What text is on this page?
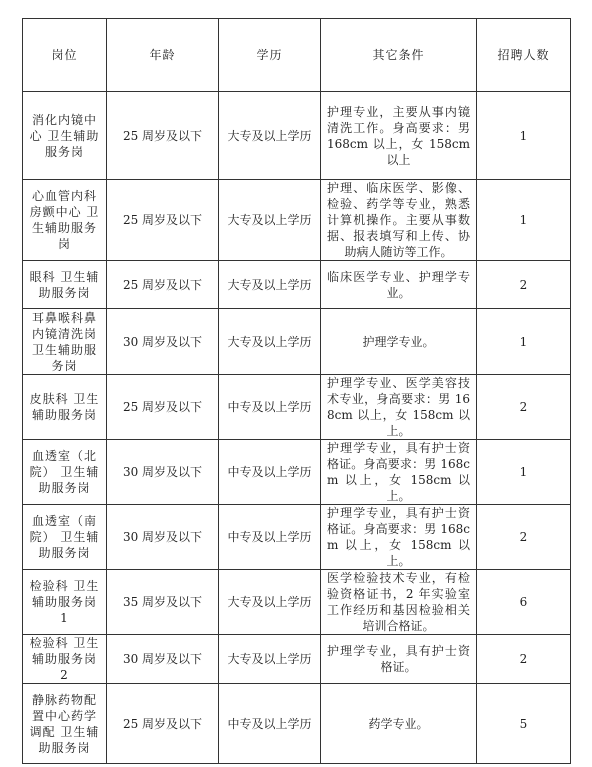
岗位	年龄	学历	其它条件	招聘人数
消化内镜中心 卫生辅助服务岗	25 周岁及以下	大专及以上学历	护理专业，主要从事内镜清洗工作。身高要求：男 168cm 以上，女 158cm 以上	1
心血管内科房颤中心 卫生辅助服务岗	25 周岁及以下	大专及以上学历	护理、临床医学、影像、检验、药学等专业，熟悉计算机操作。主要从事数据、报表填写和上传、协助病人随访等工作。	1
眼科 卫生辅助服务岗	25 周岁及以下	大专及以上学历	临床医学专业、护理学专业。	2
耳鼻喉科鼻内镜清洗岗 卫生辅助服务岗	30 周岁及以下	大专及以上学历	护理学专业。	1
皮肤科 卫生辅助服务岗	25 周岁及以下	中专及以上学历	护理学专业、医学美容技术专业，身高要求：男 168cm 以上，女 158cm 以上。	2
血透室（北院） 卫生辅助服务岗	30 周岁及以下	中专及以上学历	护理学专业，具有护士资格证。身高要求：男 168cm 以上，女 158cm 以上。	1
血透室（南院） 卫生辅助服务岗	30 周岁及以下	中专及以上学历	护理学专业，具有护士资格证。身高要求：男 168cm 以上，女 158cm 以上。	2
检验科 卫生辅助服务岗 1	35 周岁及以下	大专及以上学历	医学检验技术专业，有检验资格证书，2 年实验室工作经历和基因检验相关培训合格证。	6
检验科 卫生辅助服务岗 2	30 周岁及以下	大专及以上学历	护理学专业，具有护士资格证。	2
静脉药物配置中心药学调配 卫生辅助服务岗	25 周岁及以下	中专及以上学历	药学专业。	5
